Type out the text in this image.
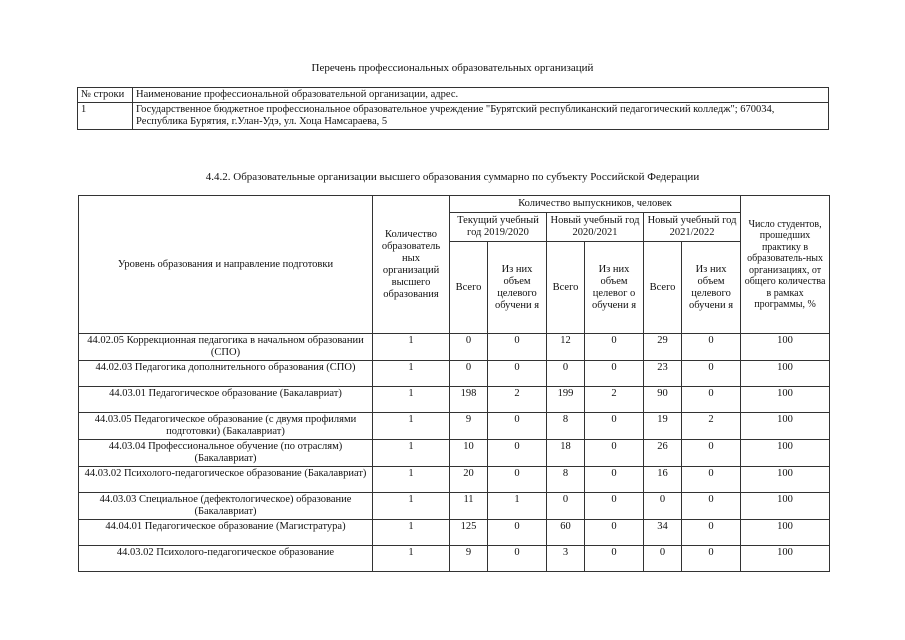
Перечень профессиональных образовательных организаций
№ строки	Наименование профессиональной образовательной организации, адрес.
1	Государственное бюджетное профессиональное образовательное учреждение "Бурятский республиканский педагогический колледж"; 670034, Республика Бурятия, г.Улан-Удэ, ул. Хоца Намсараева, 5
4.4.2. Образовательные организации высшего образования суммарно по субъекту Российской Федерации
Уровень образования и направление подготовки	Количество образователь ных организаций высшего образования	Количество выпускников, человек						Число студентов, прошедших практику в образователь-ных организациях, от общего количества в рамках программы, %
		Текущий учебный год 2019/2020		Новый учебный год 2020/2021		Новый учебный год 2021/2022		
		Всего	Из них объем целевого обучени я	Всего	Из них объем целевог о обучени я	Всего	Из них объем целевого обучени я	
44.02.05 Коррекционная педагогика в начальном образовании (СПО)	1	0	0	12	0	29	0	100
44.02.03 Педагогика дополнительного образования (СПО)	1	0	0	0	0	23	0	100
44.03.01 Педагогическое образование (Бакалавриат)	1	198	2	199	2	90	0	100
44.03.05 Педагогическое образование (с двумя профилями подготовки) (Бакалавриат)	1	9	0	8	0	19	2	100
44.03.04 Профессиональное обучение (по отраслям) (Бакалавриат)	1	10	0	18	0	26	0	100
44.03.02 Психолого-педагогическое образование (Бакалавриат)	1	20	0	8	0	16	0	100
44.03.03 Специальное (дефектологическое) образование (Бакалавриат)	1	11	1	0	0	0	0	100
44.04.01 Педагогическое образование (Магистратура)	1	125	0	60	0	34	0	100
44.03.02 Психолого-педагогическое образование	1	9	0	3	0	0	0	100
